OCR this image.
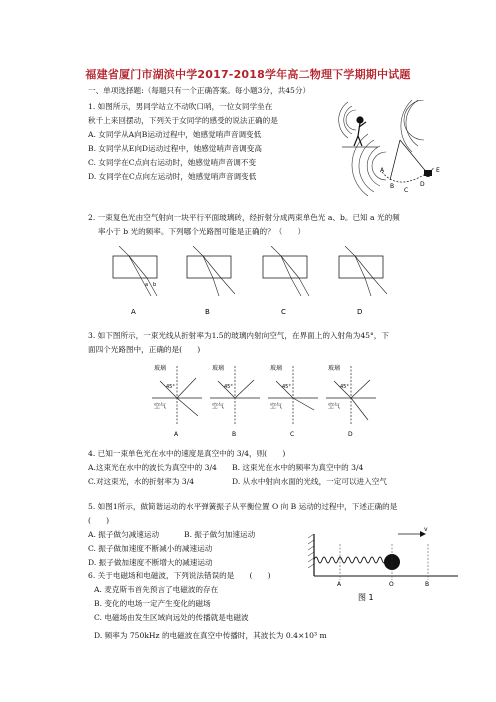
福建省厦门市湖滨中学2017-2018学年高二物理下学期期中试题
一、单项选择题:（每题只有一个正确答案。每小题3分，共45分）
1. 如图所示，男同学站立不动吹口哨，一位女同学坐在
秋千上来回摆动，下列关于女同学的感受的说法正确的是
A. 女同学从A向B运动过程中，她感觉哨声音调变低
B. 女同学从E向D运动过程中，她感觉哨声音调变高
C. 女同学在C点向右运动时，她感觉哨声音调不变
D. 女同学在C点向左运动时，她感觉哨声音调变低
A
B
C
D
E
2. 一束复色光由空气射向一块平行平面玻璃砖，经折射分成两束单色光 a、b。已知 a 光的频
率小于 b 光的频率。下列哪个光路图可能是正确的？（　　）
a b
A	B	C	D
3. 如下图所示，一束光线从折射率为1.5的玻璃内射向空气，在界面上的入射角为45°，下
面四个光路图中，正确的是(　　)
玻璃	玻璃	玻璃	玻璃
45°	45°	45°	45°
空气	空气	空气	空气
A	B	C	D
4. 已知一束单色光在水中的速度是真空中的 3/4，则(　　)
A.这束光在水中的波长为真空中的 3/4 B. 这束光在水中的频率为真空中的 3/4
C.对这束光，水的折射率为 3/4	D. 从水中射向水面的光线，一定可以进入空气
5. 如图1所示，做简谐运动的水平弹簧振子从平衡位置 O 向 B 运动的过程中，下述正确的是
(　　)
A. 振子做匀减速运动	B. 振子做匀加速运动
C. 振子做加速度不断减小的减速运动
D. 振子做加速度不断增大的减速运动
v
A	O	B
图 1
6. 关于电磁场和电磁波，下列说法错误的是　　(　　)
A. 麦克斯韦首先预言了电磁波的存在
B. 变化的电场一定产生变化的磁场
C. 电磁场由发生区域向远处的传播就是电磁波
D. 频率为 750kHz 的电磁波在真空中传播时，其波长为 0.4×10³ m
